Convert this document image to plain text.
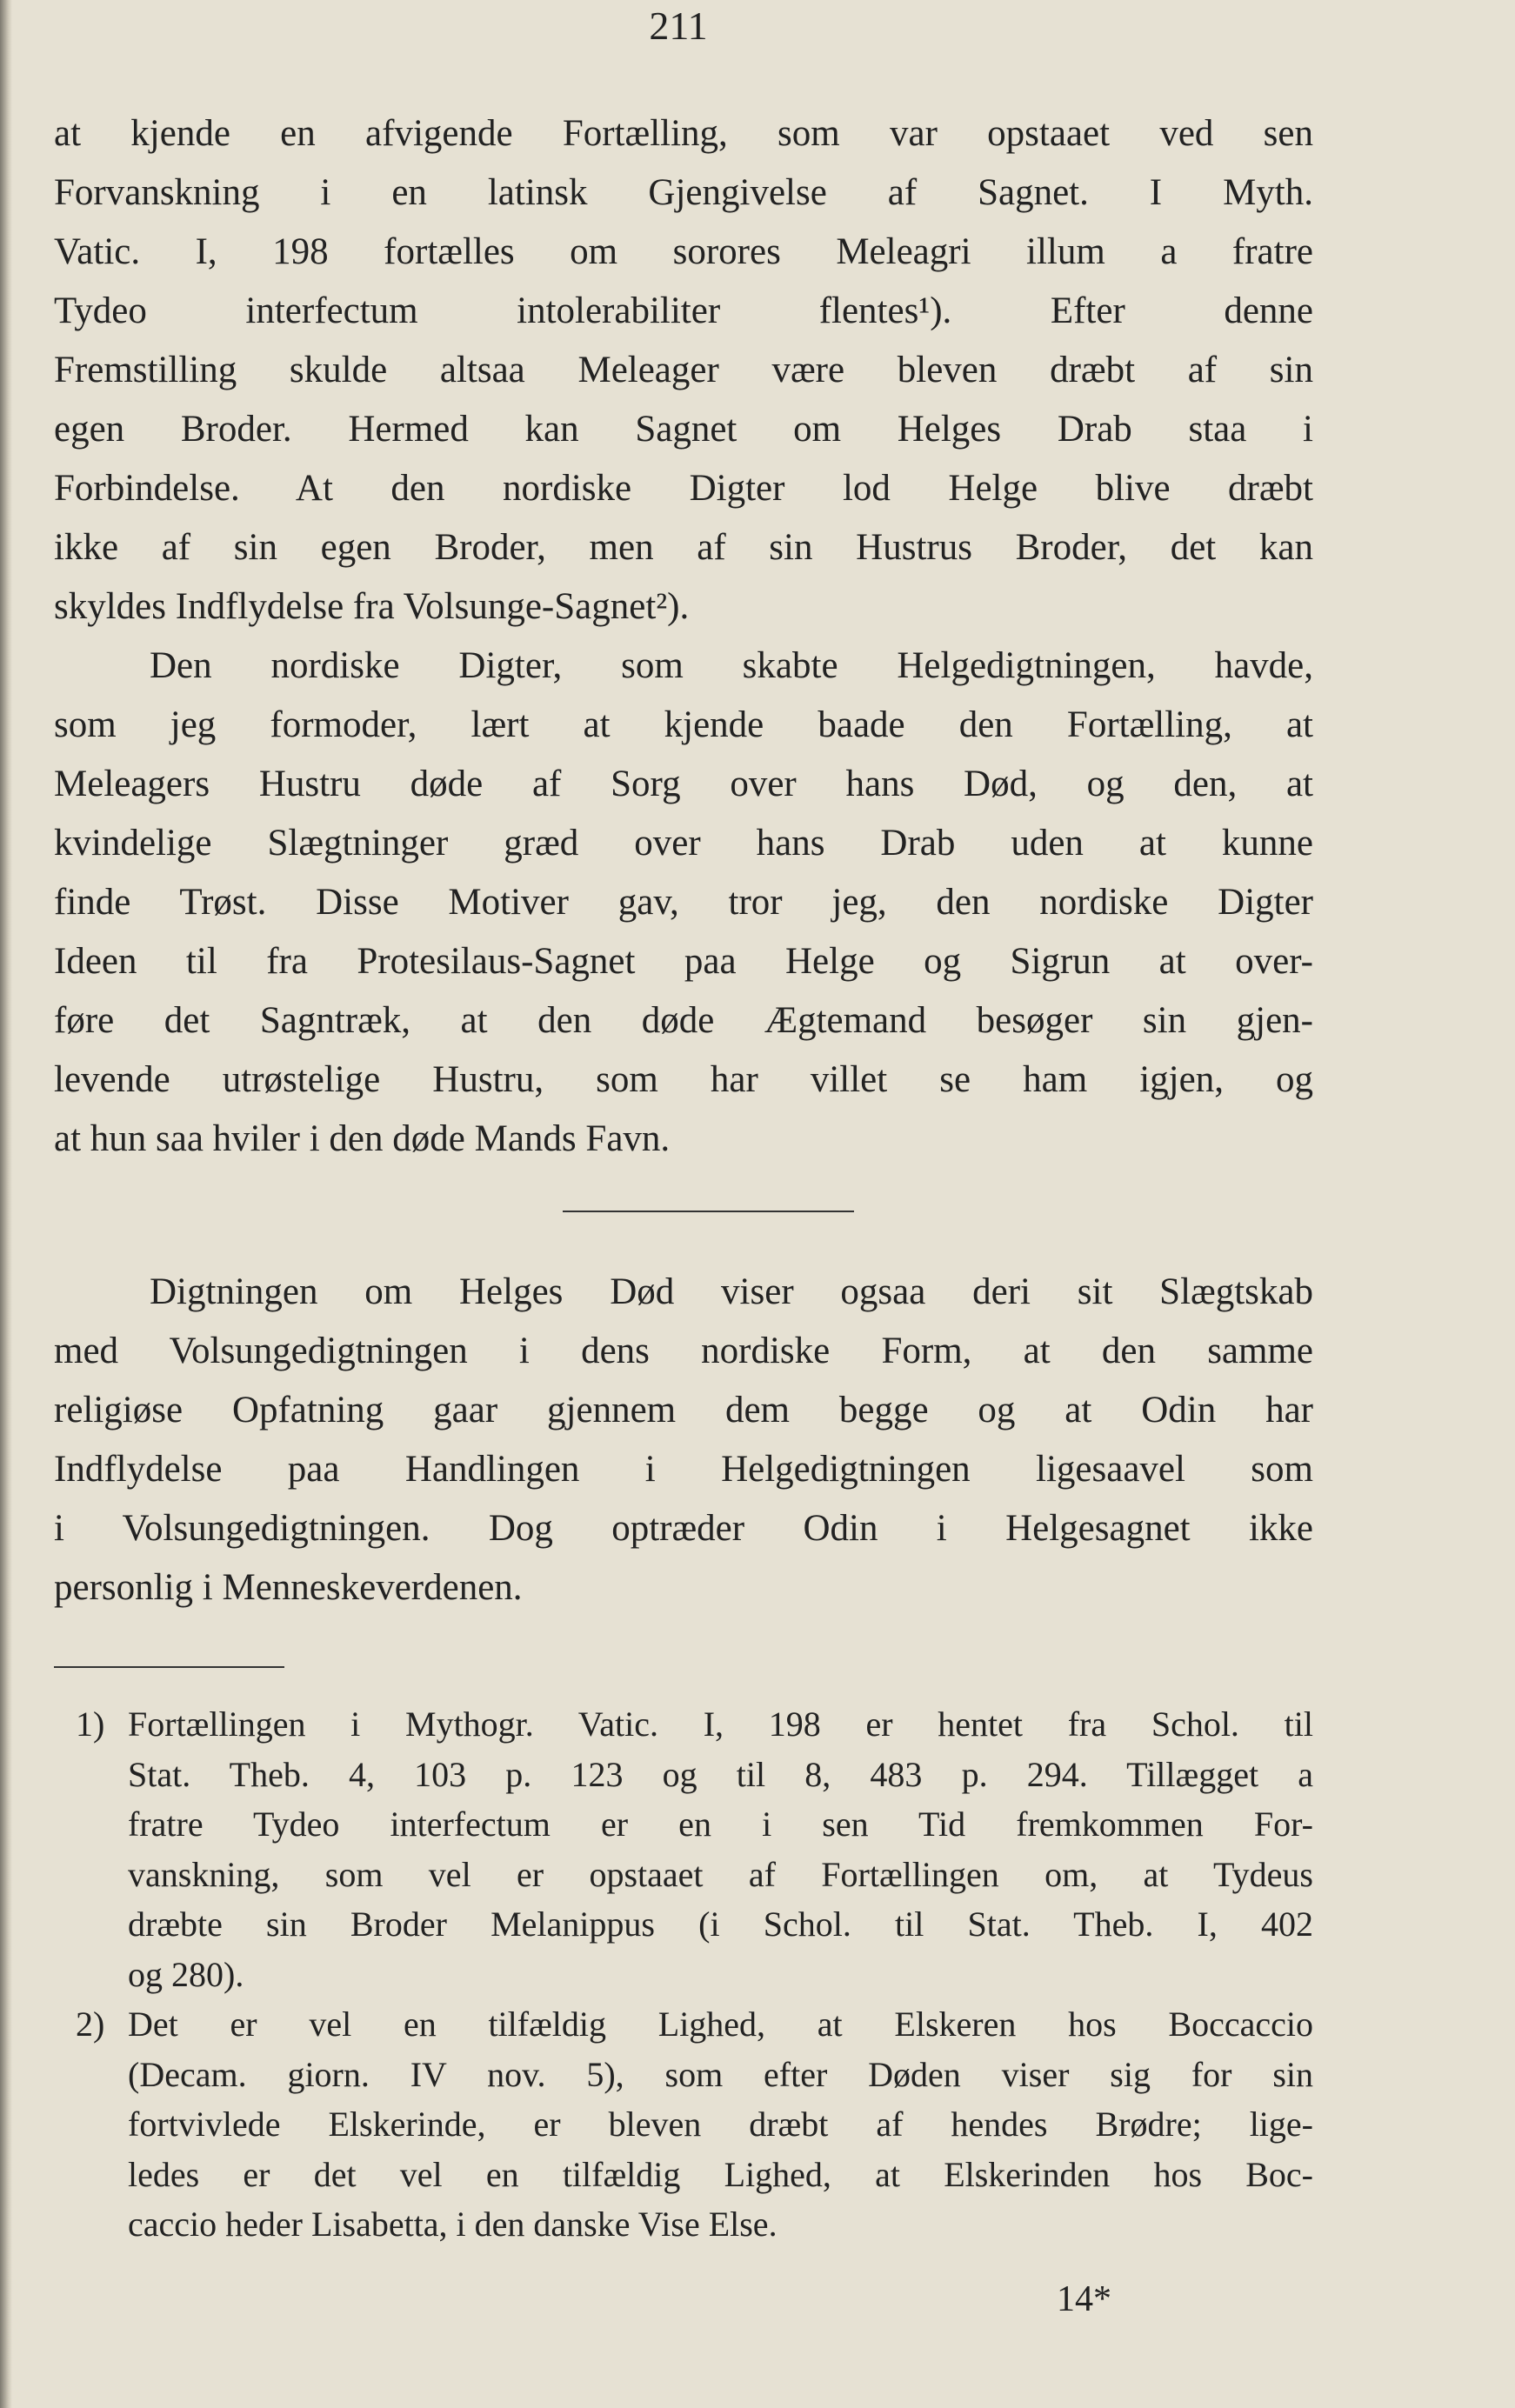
211
at kjende en afvigende Fortælling, som var opstaaet ved sen
Forvanskning i en latinsk Gjengivelse af Sagnet. I Myth.
Vatic. I, 198 fortælles om sorores Meleagri illum a fratre
Tydeo interfectum intolerabiliter flentes¹). Efter denne
Fremstilling skulde altsaa Meleager være bleven dræbt af sin
egen Broder. Hermed kan Sagnet om Helges Drab staa i
Forbindelse. At den nordiske Digter lod Helge blive dræbt
ikke af sin egen Broder, men af sin Hustrus Broder, det kan
skyldes Indflydelse fra Volsunge-Sagnet²).
Den nordiske Digter, som skabte Helgedigtningen, havde,
som jeg formoder, lært at kjende baade den Fortælling, at
Meleagers Hustru døde af Sorg over hans Død, og den, at
kvindelige Slægtninger græd over hans Drab uden at kunne
finde Trøst. Disse Motiver gav, tror jeg, den nordiske Digter
Ideen til fra Protesilaus-Sagnet paa Helge og Sigrun at over-
føre det Sagntræk, at den døde Ægtemand besøger sin gjen-
levende utrøstelige Hustru, som har villet se ham igjen, og
at hun saa hviler i den døde Mands Favn.
Digtningen om Helges Død viser ogsaa deri sit Slægtskab
med Volsungedigtningen i dens nordiske Form, at den samme
religiøse Opfatning gaar gjennem dem begge og at Odin har
Indflydelse paa Handlingen i Helgedigtningen ligesaavel som
i Volsungedigtningen. Dog optræder Odin i Helgesagnet ikke
personlig i Menneskeverdenen.
1) Fortællingen i Mythogr. Vatic. I, 198 er hentet fra Schol. til
Stat. Theb. 4, 103 p. 123 og til 8, 483 p. 294. Tillægget a
fratre Tydeo interfectum er en i sen Tid fremkommen For-
vanskning, som vel er opstaaet af Fortællingen om, at Tydeus
dræbte sin Broder Melanippus (i Schol. til Stat. Theb. I, 402
og 280).
2) Det er vel en tilfældig Lighed, at Elskeren hos Boccaccio
(Decam. giorn. IV nov. 5), som efter Døden viser sig for sin
fortvivlede Elskerinde, er bleven dræbt af hendes Brødre; lige-
ledes er det vel en tilfældig Lighed, at Elskerinden hos Boc-
caccio heder Lisabetta, i den danske Vise Else.
14*
